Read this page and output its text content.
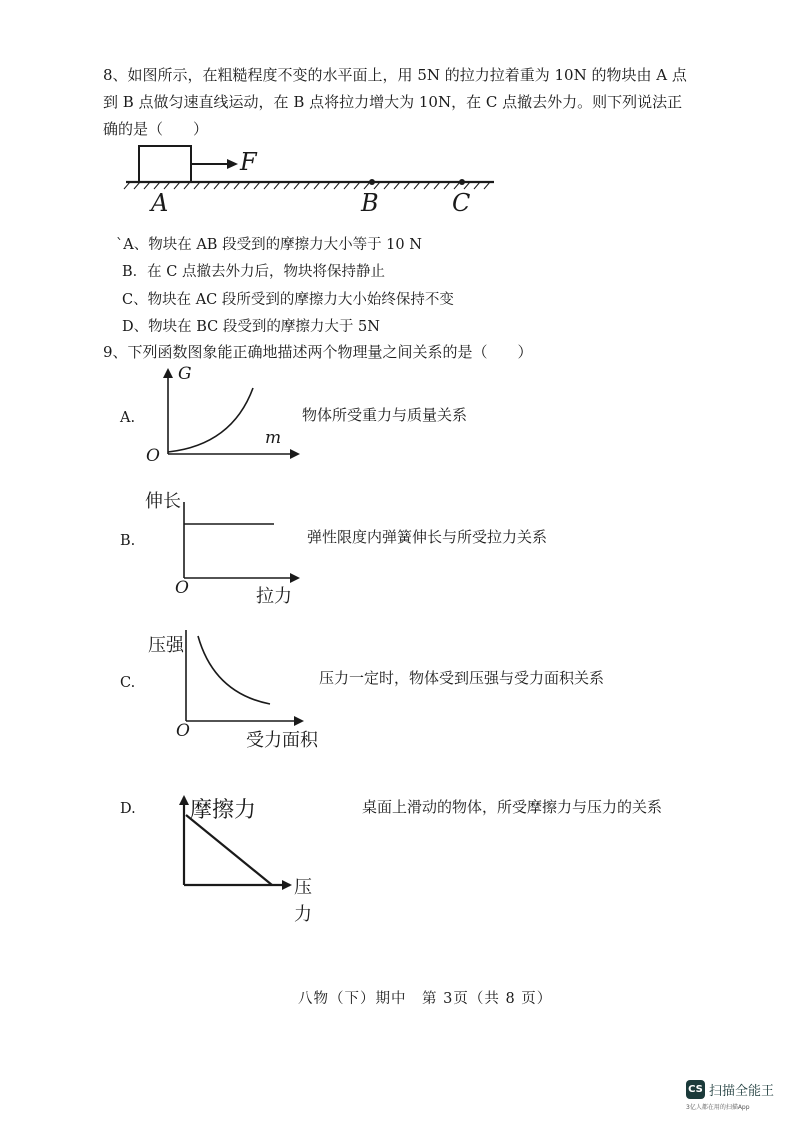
8、如图所示，在粗糙程度不变的水平面上，用 5N 的拉力拉着重为 10N 的物块由 A 点
到 B 点做匀速直线运动，在 B 点将拉力增大为 10N，在 C 点撤去外力。则下列说法正
确的是（　　）
F
A	B	C
`A、物块在 AB 段受到的摩擦力大小等于 10 N
B．在 C 点撤去外力后，物块将保持静止
C、物块在 AC 段所受到的摩擦力大小始终保持不变
D、物块在 BC 段受到的摩擦力大于 5N
9、下列函数图象能正确地描述两个物理量之间关系的是（　　）
A.
G
m
O
物体所受重力与质量关系
B.
伸长
拉力
O
弹性限度内弹簧伸长与所受拉力关系
C.
压强
受力面积
O
压力一定时，物体受到压强与受力面积关系
D. 摩擦力
压
力
桌面上滑动的物体，所受摩擦力与压力的关系
八物（下）期中　第 3页（共 8 页）
CS 扫描全能王
3亿人都在用的扫描App
